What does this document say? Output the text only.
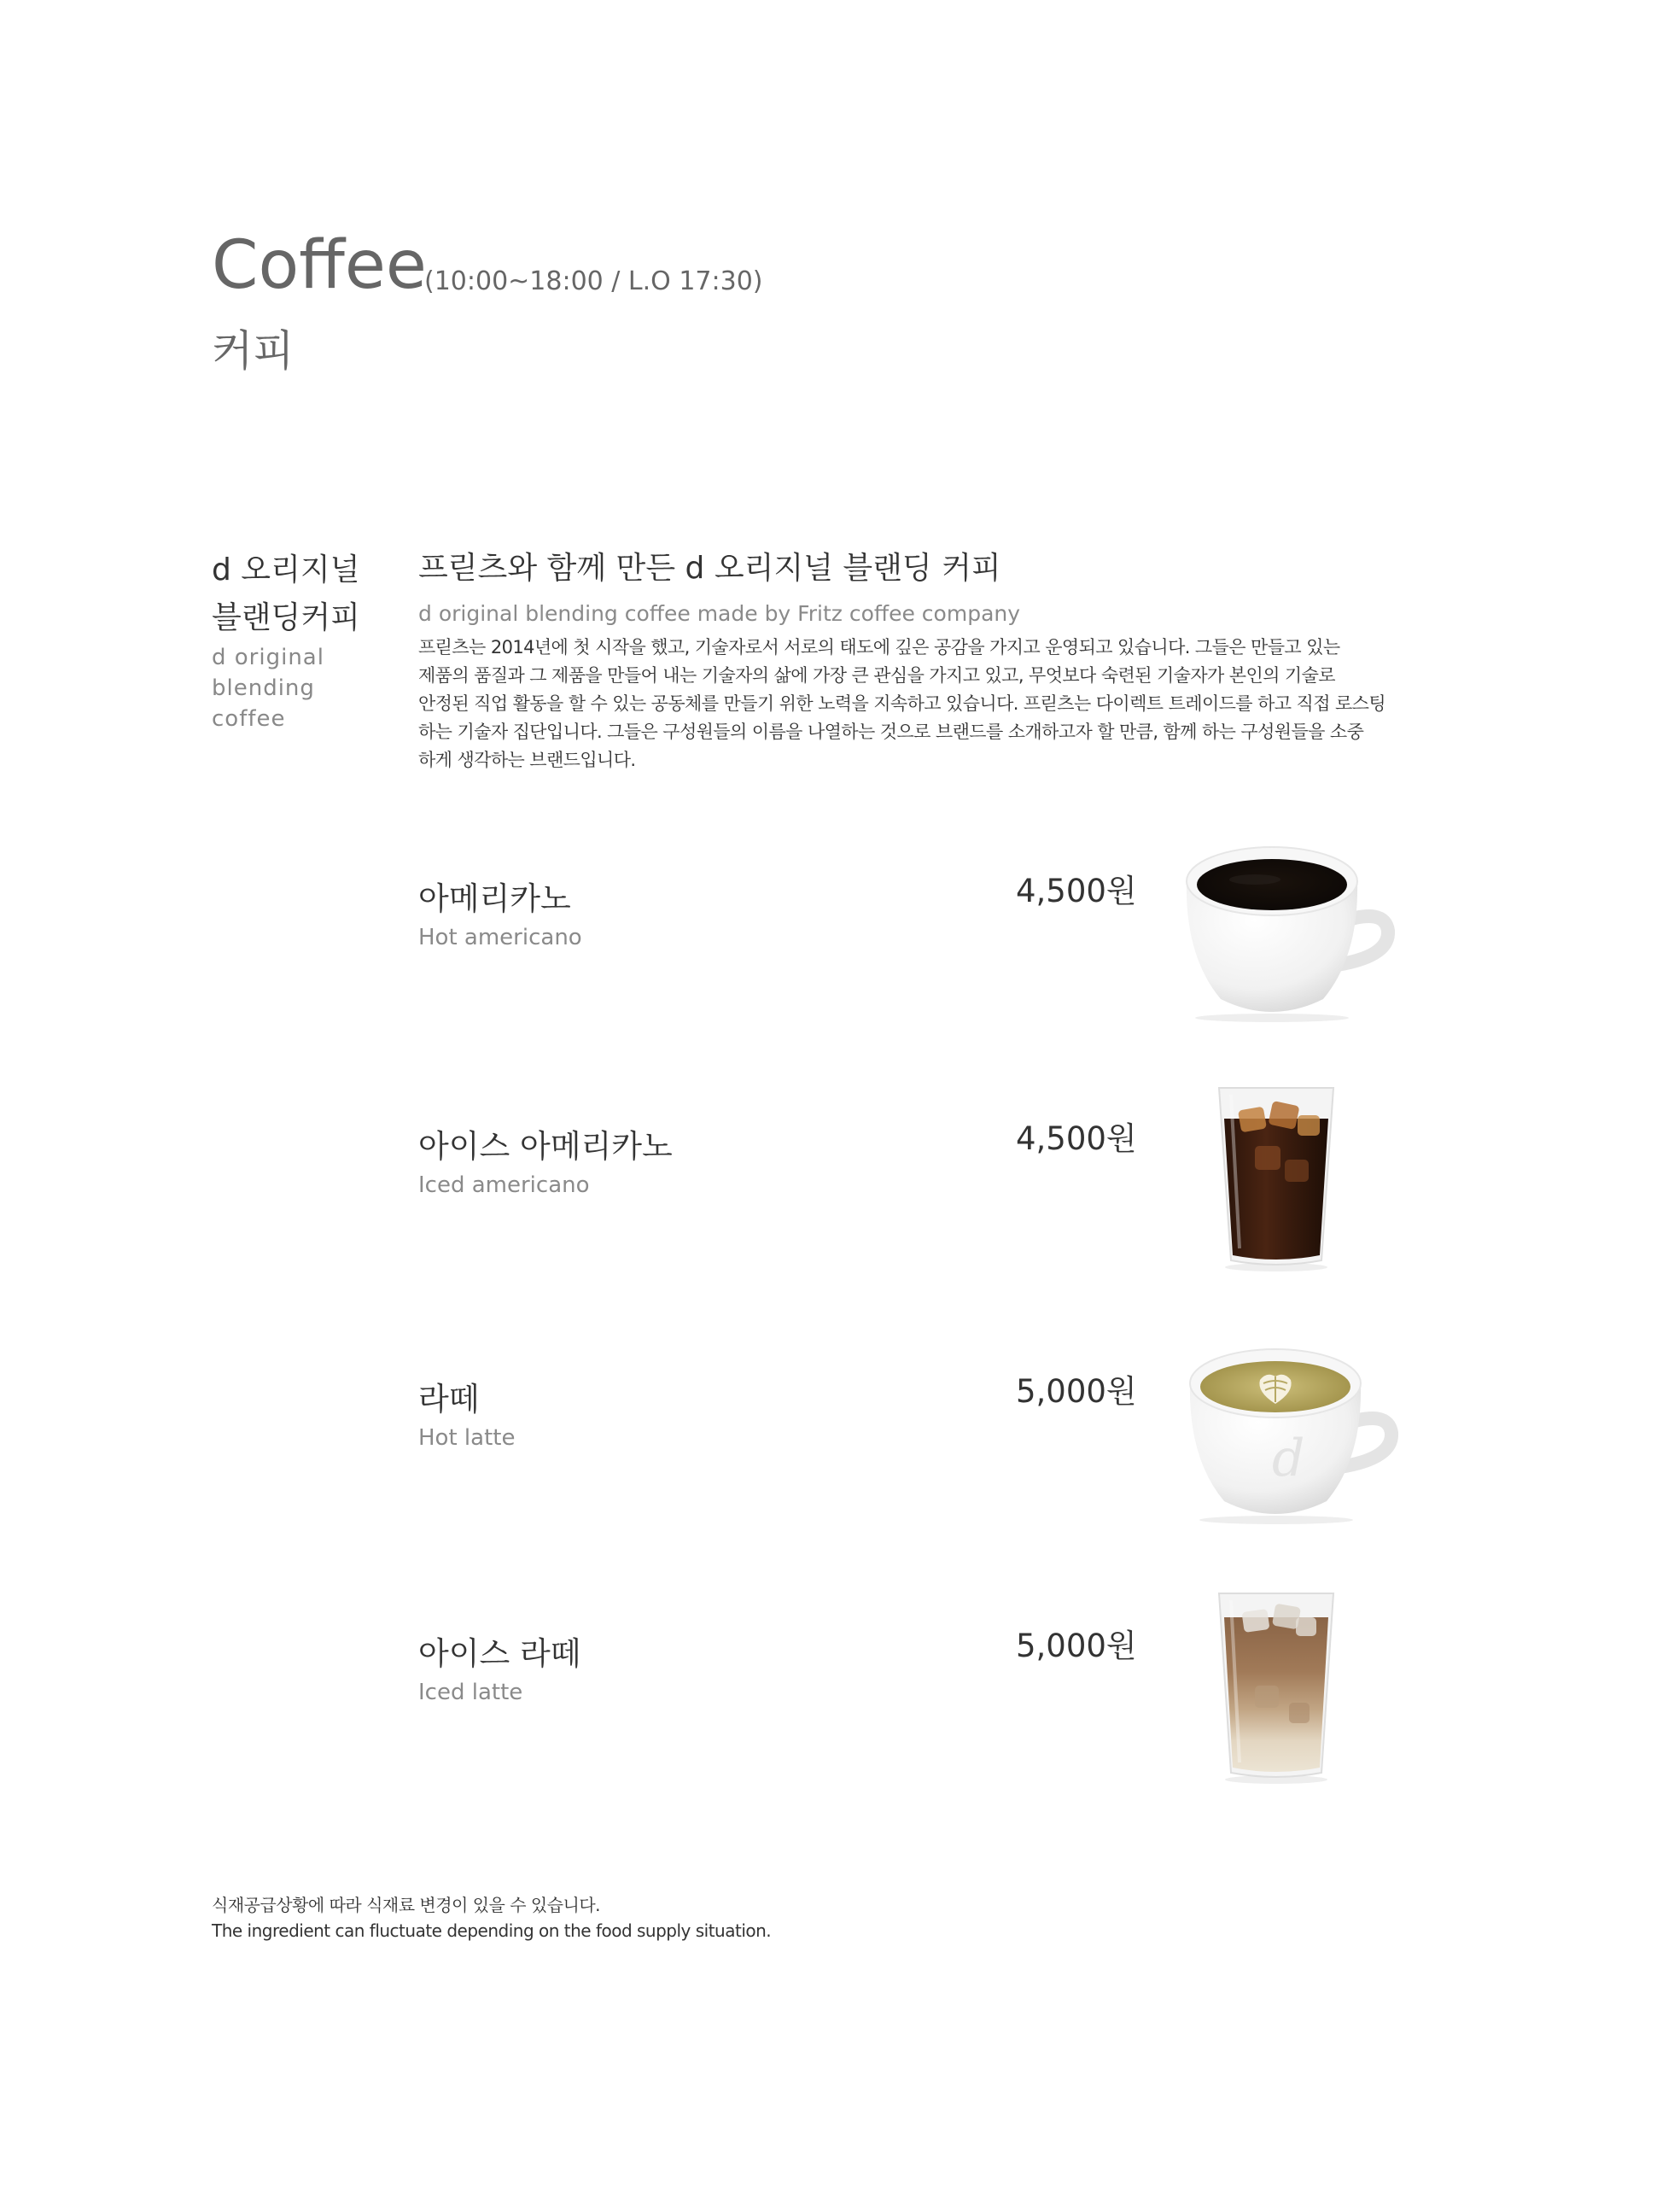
Coffee
(10:00~18:00 / L.O 17:30)
커피
d 오리지널
블랜딩커피
d original
blending
coffee
프릳츠와 함께 만든 d 오리지널 블랜딩 커피
d original blending coffee made by Fritz coffee company
프릳츠는 2014년에 첫 시작을 했고, 기술자로서 서로의 태도에 깊은 공감을 가지고 운영되고 있습니다. 그들은 만들고 있는
제품의 품질과 그 제품을 만들어 내는 기술자의 삶에 가장 큰 관심을 가지고 있고, 무엇보다 숙련된 기술자가 본인의 기술로
안정된 직업 활동을 할 수 있는 공동체를 만들기 위한 노력을 지속하고 있습니다. 프릳츠는 다이렉트 트레이드를 하고 직접 로스팅
하는 기술자 집단입니다. 그들은 구성원들의 이름을 나열하는 것으로 브랜드를 소개하고자 할 만큼, 함께 하는 구성원들을 소중
하게 생각하는 브랜드입니다.
아메리카노
Hot americano
4,500원
아이스 아메리카노
Iced americano
4,500원
라떼
Hot latte
5,000원
d
아이스 라떼
Iced latte
5,000원
식재공급상황에 따라 식재료 변경이 있을 수 있습니다.
The ingredient can fluctuate depending on the food supply situation.
